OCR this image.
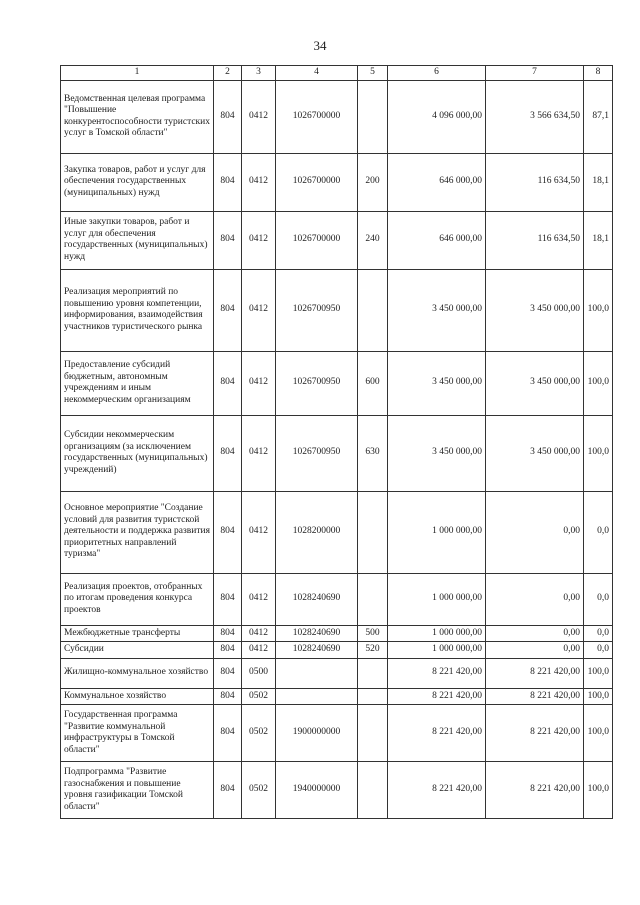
34
1	2	3	4	5	6	7	8
Ведомственная целевая программа "Повышение конкурентоспособности туристских услуг в Томской области"	804	0412	1026700000		4 096 000,00	3 566 634,50	87,1
Закупка товаров, работ и услуг для обеспечения государственных (муниципальных) нужд	804	0412	1026700000	200	646 000,00	116 634,50	18,1
Иные закупки товаров, работ и услуг для обеспечения государственных (муниципальных) нужд	804	0412	1026700000	240	646 000,00	116 634,50	18,1
Реализация мероприятий по повышению уровня компетенции, информирования, взаимодействия участников туристического рынка	804	0412	1026700950		3 450 000,00	3 450 000,00	100,0
Предоставление субсидий бюджетным, автономным учреждениям и иным некоммерческим организациям	804	0412	1026700950	600	3 450 000,00	3 450 000,00	100,0
Субсидии некоммерческим организациям (за исключением государственных (муниципальных) учреждений)	804	0412	1026700950	630	3 450 000,00	3 450 000,00	100,0
Основное мероприятие "Создание условий для развития туристской деятельности и поддержка развития приоритетных направлений туризма"	804	0412	1028200000		1 000 000,00	0,00	0,0
Реализация проектов, отобранных по итогам проведения конкурса проектов	804	0412	1028240690		1 000 000,00	0,00	0,0
Межбюджетные трансферты	804	0412	1028240690	500	1 000 000,00	0,00	0,0
Субсидии	804	0412	1028240690	520	1 000 000,00	0,00	0,0
Жилищно-коммунальное хозяйство	804	0500			8 221 420,00	8 221 420,00	100,0
Коммунальное хозяйство	804	0502			8 221 420,00	8 221 420,00	100,0
Государственная программа "Развитие коммунальной инфраструктуры в Томской области"	804	0502	1900000000		8 221 420,00	8 221 420,00	100,0
Подпрограмма "Развитие газоснабжения и повышение уровня газификации Томской области"	804	0502	1940000000		8 221 420,00	8 221 420,00	100,0
